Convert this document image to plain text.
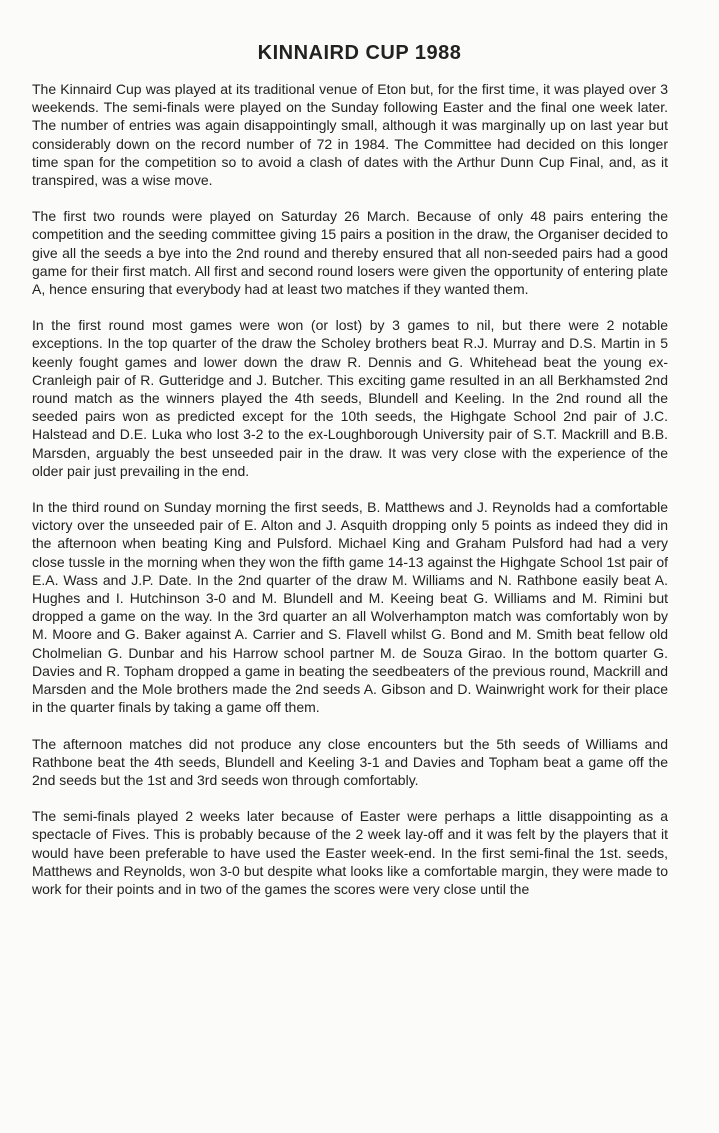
KINNAIRD CUP 1988

The Kinnaird Cup was played at its traditional venue of Eton but, for the first time, it was played over 3 weekends. The semi-finals were played on the Sunday following Easter and the final one week later. The number of entries was again disappointingly small, although it was marginally up on last year but considerably down on the record number of 72 in 1984. The Committee had decided on this longer time span for the competition so to avoid a clash of dates with the Arthur Dunn Cup Final, and, as it transpired, was a wise move.

The first two rounds were played on Saturday 26 March. Because of only 48 pairs entering the competition and the seeding committee giving 15 pairs a position in the draw, the Organiser decided to give all the seeds a bye into the 2nd round and thereby ensured that all non-seeded pairs had a good game for their first match. All first and second round losers were given the opportunity of entering plate A, hence ensuring that everybody had at least two matches if they wanted them.

In the first round most games were won (or lost) by 3 games to nil, but there were 2 notable exceptions. In the top quarter of the draw the Scholey brothers beat R.J. Murray and D.S. Martin in 5 keenly fought games and lower down the draw R. Dennis and G. Whitehead beat the young ex-Cranleigh pair of R. Gutteridge and J. Butcher. This exciting game resulted in an all Berkhamsted 2nd round match as the winners played the 4th seeds, Blundell and Keeling. In the 2nd round all the seeded pairs won as predicted except for the 10th seeds, the Highgate School 2nd pair of J.C. Halstead and D.E. Luka who lost 3-2 to the ex-Loughborough University pair of S.T. Mackrill and B.B. Marsden, arguably the best unseeded pair in the draw. It was very close with the experience of the older pair just prevailing in the end.

In the third round on Sunday morning the first seeds, B. Matthews and J. Reynolds had a comfortable victory over the unseeded pair of E. Alton and J. Asquith dropping only 5 points as indeed they did in the afternoon when beating King and Pulsford. Michael King and Graham Pulsford had had a very close tussle in the morning when they won the fifth game 14-13 against the Highgate School 1st pair of E.A. Wass and J.P. Date. In the 2nd quarter of the draw M. Williams and N. Rathbone easily beat A. Hughes and I. Hutchinson 3-0 and M. Blundell and M. Keeing beat G. Williams and M. Rimini but dropped a game on the way. In the 3rd quarter an all Wolverhampton match was comfortably won by M. Moore and G. Baker against A. Carrier and S. Flavell whilst G. Bond and M. Smith beat fellow old Cholmelian G. Dunbar and his Harrow school partner M. de Souza Girao. In the bottom quarter G. Davies and R. Topham dropped a game in beating the seedbeaters of the previous round, Mackrill and Marsden and the Mole brothers made the 2nd seeds A. Gibson and D. Wainwright work for their place in the quarter finals by taking a game off them.

The afternoon matches did not produce any close encounters but the 5th seeds of Williams and Rathbone beat the 4th seeds, Blundell and Keeling 3-1 and Davies and Topham beat a game off the 2nd seeds but the 1st and 3rd seeds won through comfortably.

The semi-finals played 2 weeks later because of Easter were perhaps a little disappointing as a spectacle of Fives. This is probably because of the 2 week lay-off and it was felt by the players that it would have been preferable to have used the Easter week-end. In the first semi-final the 1st. seeds, Matthews and Reynolds, won 3-0 but despite what looks like a comfortable margin, they were made to work for their points and in two of the games the scores were very close until the
